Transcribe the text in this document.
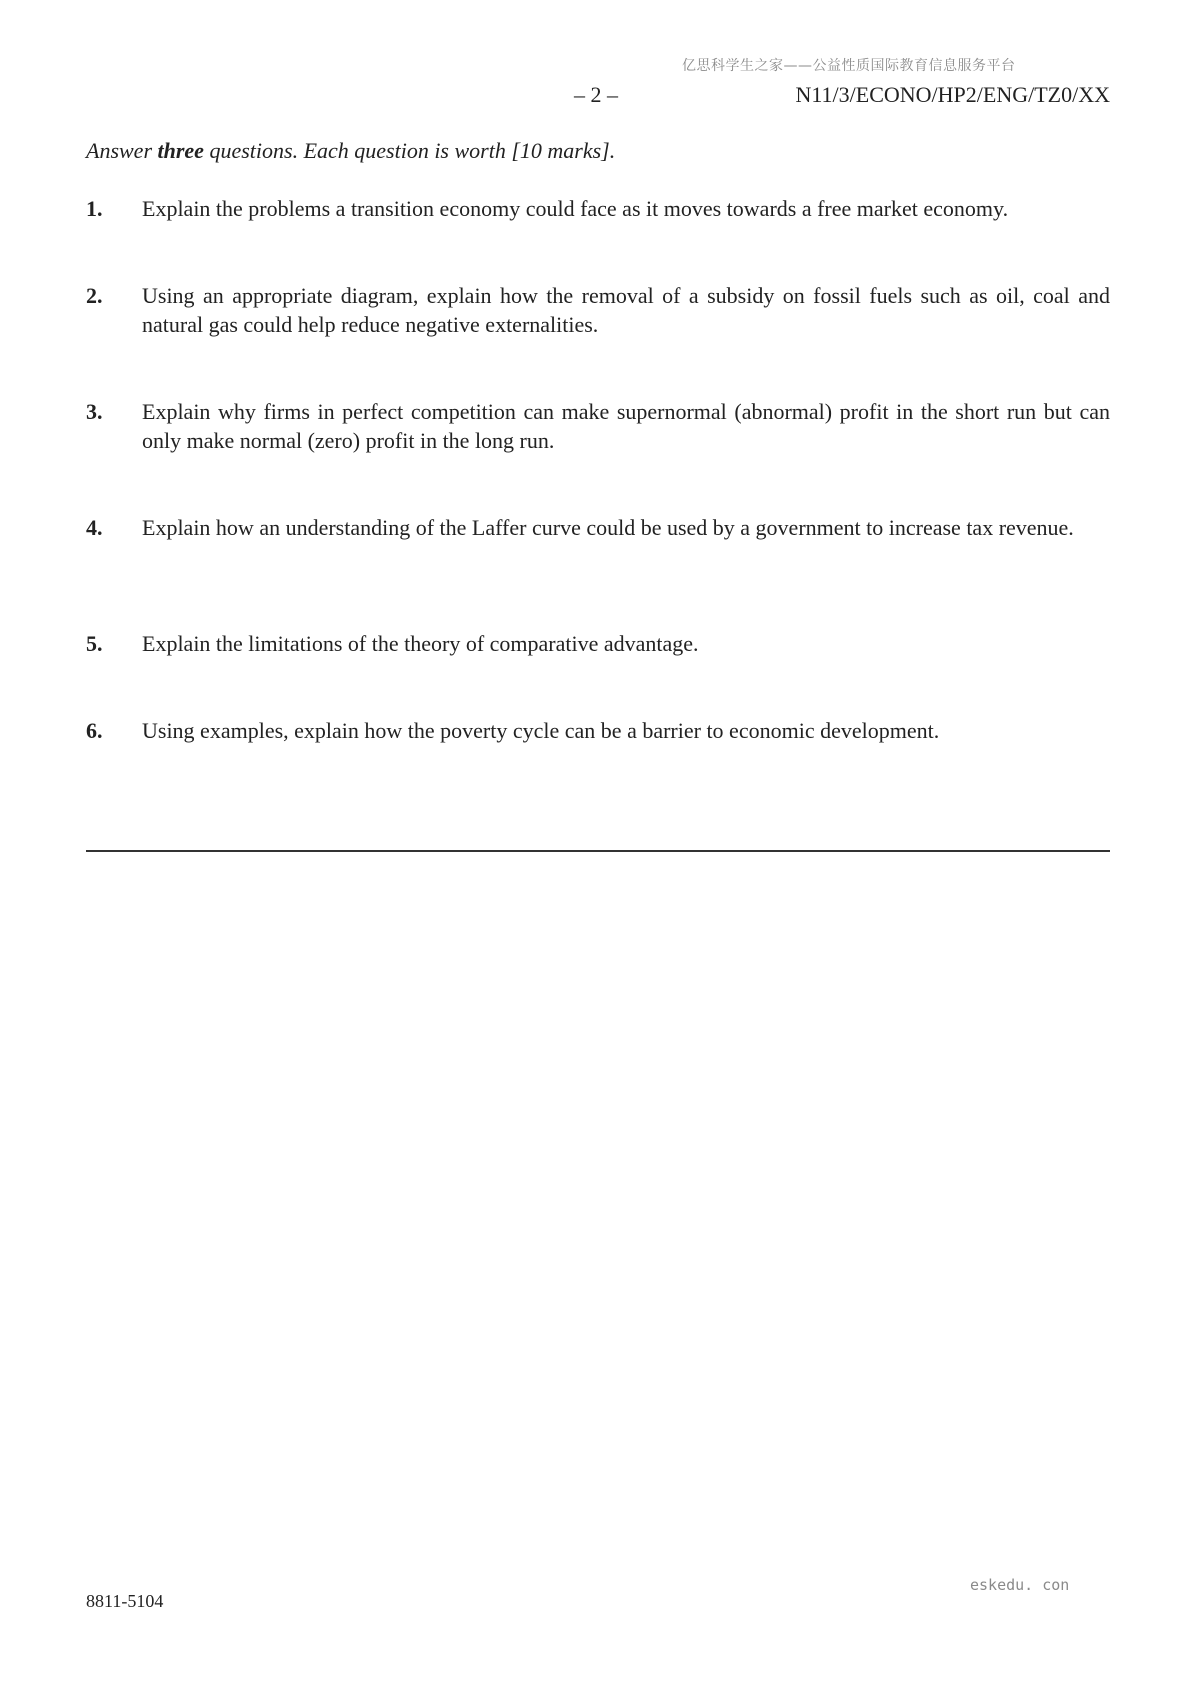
亿思科学生之家——公益性质国际教育信息服务平台
– 2 –	N11/3/ECONO/HP2/ENG/TZ0/XX
Answer three questions. Each question is worth [10 marks].
1. Explain the problems a transition economy could face as it moves towards a free market economy.
2. Using an appropriate diagram, explain how the removal of a subsidy on fossil fuels such as oil, coal and natural gas could help reduce negative externalities.
3. Explain why firms in perfect competition can make supernormal (abnormal) profit in the short run but can only make normal (zero) profit in the long run.
4. Explain how an understanding of the Laffer curve could be used by a government to increase tax revenue.
5. Explain the limitations of the theory of comparative advantage.
6. Using examples, explain how the poverty cycle can be a barrier to economic development.
eskedu. con
8811-5104
